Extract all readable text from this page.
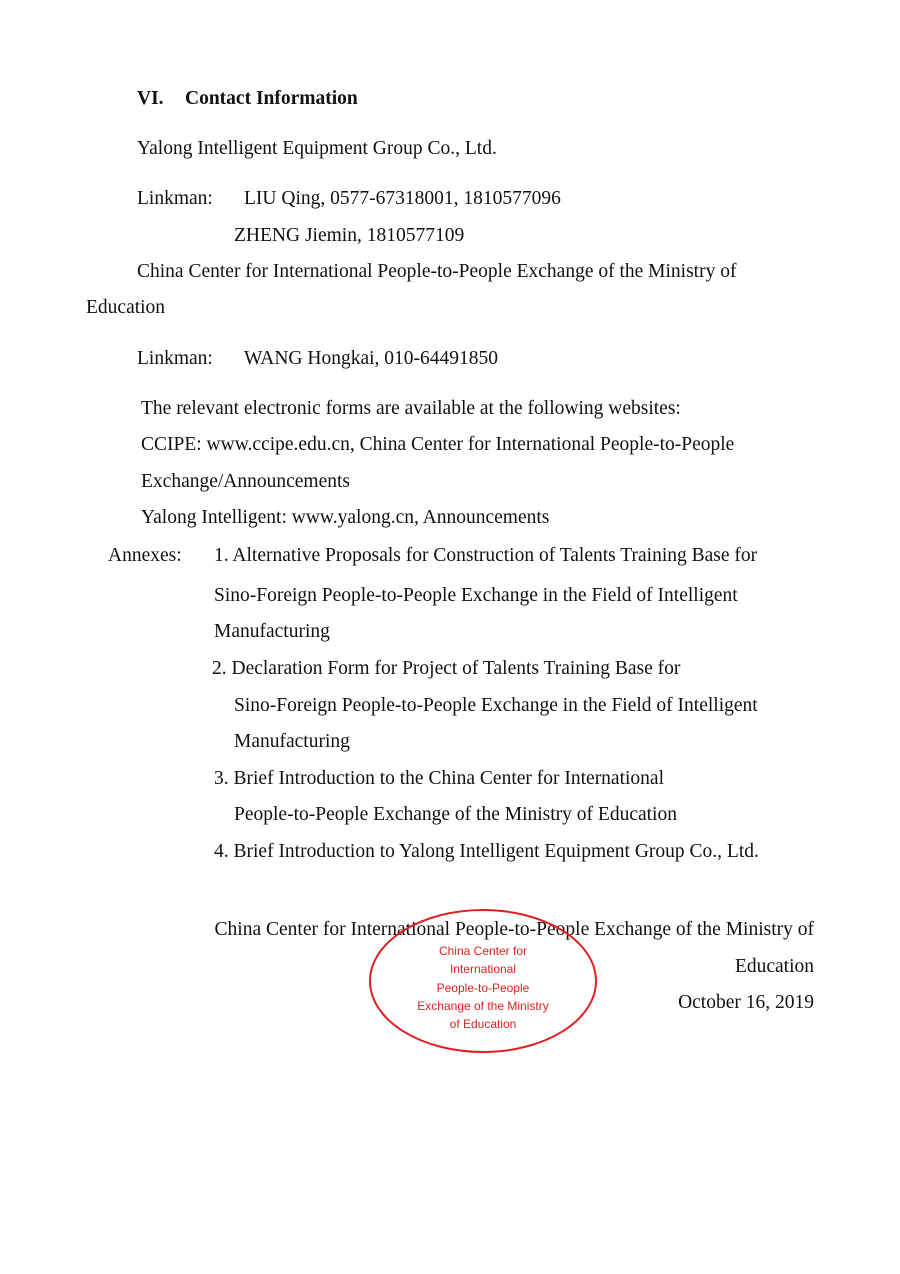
VI. Contact Information
Yalong Intelligent Equipment Group Co., Ltd.
Linkman: LIU Qing, 0577-67318001, 1810577096
ZHENG Jiemin, 1810577109
China Center for International People-to-People Exchange of the Ministry of
Education
Linkman: WANG Hongkai, 010-64491850
The relevant electronic forms are available at the following websites:
CCIPE: www.ccipe.edu.cn, China Center for International People-to-People
Exchange/Announcements
Yalong Intelligent: www.yalong.cn, Announcements
Annexes: 1. Alternative Proposals for Construction of Talents Training Base for
Sino-Foreign People-to-People Exchange in the Field of Intelligent
Manufacturing
2. Declaration Form for Project of Talents Training Base for
Sino-Foreign People-to-People Exchange in the Field of Intelligent
Manufacturing
3. Brief Introduction to the China Center for International
People-to-People Exchange of the Ministry of Education
4. Brief Introduction to Yalong Intelligent Equipment Group Co., Ltd.
China Center for International People-to-People Exchange of the Ministry of
Education
October 16, 2019
China Center for
International
People-to-People
Exchange of the Ministry
of Education
